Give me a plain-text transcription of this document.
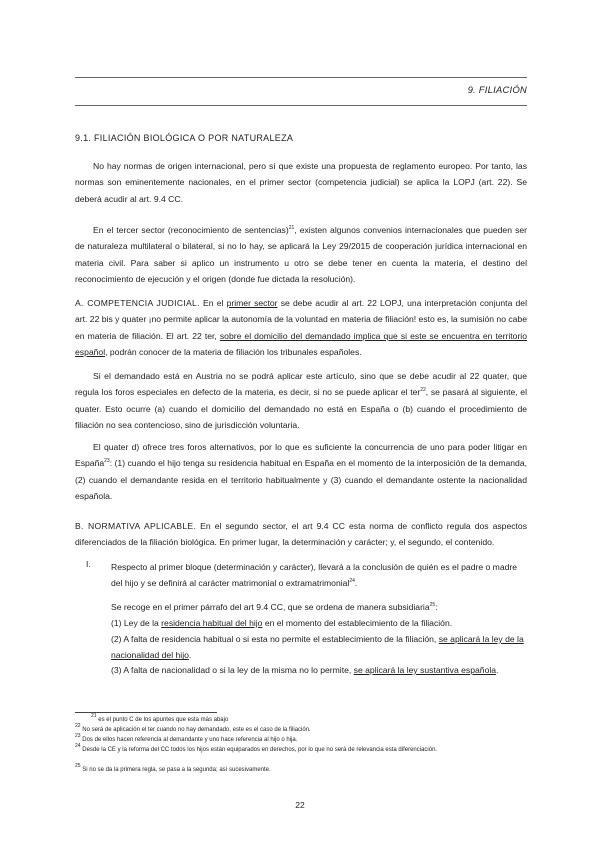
9. FILIACIÓN
9.1. FILIACIÓN BIOLÓGICA O POR NATURALEZA

No hay normas de origen internacional, pero sí que existe una propuesta de reglamento europeo. Por tanto, las normas son eminentemente nacionales, en el primer sector (competencia judicial) se aplica la LOPJ (art. 22). Se deberá acudir al art. 9.4 CC.

En el tercer sector (reconocimiento de sentencias)$^{21}$, existen algunos convenios internacionales que pueden ser de naturaleza multilateral o bilateral, si no lo hay, se aplicará la Ley 29/2015 de cooperación jurídica internacional en materia civil. Para saber si aplico un instrumento u otro se debe tener en cuenta la materia, el destino del reconocimiento de ejecución y el origen (donde fue dictada la resolución).

A. COMPETENCIA JUDICIAL. En el primer sector se debe acudir al art. 22 LOPJ, una interpretación conjunta del art. 22 bis y quater ¡no permite aplicar la autonomía de la voluntad en materia de filiación! esto es, la sumisión no cabe en materia de filiación. El art. 22 ter, sobre el domicilio del demandado implica que si este se encuentra en territorio español, podrán conocer de la materia de filiación los tribunales españoles.

Si el demandado está en Austria no se podrá aplicar este artículo, sino que se debe acudir al 22 quater, que regula los foros especiales en defecto de la materia, es decir, si no se puede aplicar el ter$^{22}$, se pasará al siguiente, el quater. Esto ocurre (a) cuando el domicilio del demandado no está en España o (b) cuando el procedimiento de filiación no sea contencioso, sino de jurisdicción voluntaria.

El quater d) ofrece tres foros alternativos, por lo que es suficiente la concurrencia de uno para poder litigar en España$^{23}$: (1) cuando el hijo tenga su residencia habitual en España en el momento de la interposición de la demanda, (2) cuando el demandante resida en el territorio habitualmente y (3) cuando el demandante ostente la nacionalidad española.

B. NORMATIVA APLICABLE. En el segundo sector, el art 9.4 CC esta norma de conflicto regula dos aspectos diferenciados de la filiación biológica. En primer lugar, la determinación y carácter; y, el segundo, el contenido.

I. Respecto al primer bloque (determinación y carácter), llevará a la conclusión de quién es el padre o madre del hijo y se definirá al carácter matrimonial o extramatrimonial$^{24}$.

Se recoge en el primer párrafo del art 9.4 CC, que se ordena de manera subsidiaria$^{25}$:

(1) Ley de la residencia habitual del hijo en el momento del establecimiento de la filiación.

(2) A falta de residencia habitual o si esta no permite el establecimiento de la filiación, se aplicará la ley de la nacionalidad del hijo.

(3) A falta de nacionalidad o si la ley de la misma no lo permite, se aplicará la ley sustantiva española.

$^{21}$ es el punto C de los apuntes que esta más abajo
$^{22}$ No será de aplicación el ter cuando no hay demandado, este es el caso de la filiación.
$^{23}$ Dos de ellos hacen referencia al demandante y uno hace referencia al hijo o hija.
$^{24}$ Desde la CE y la reforma del CC todos los hijos están equiparados en derechos, por lo que no será de relevancia esta diferenciación.
$^{25}$ Si no se da la primera regla, se pasa a la segunda; así sucesivamente.
22
